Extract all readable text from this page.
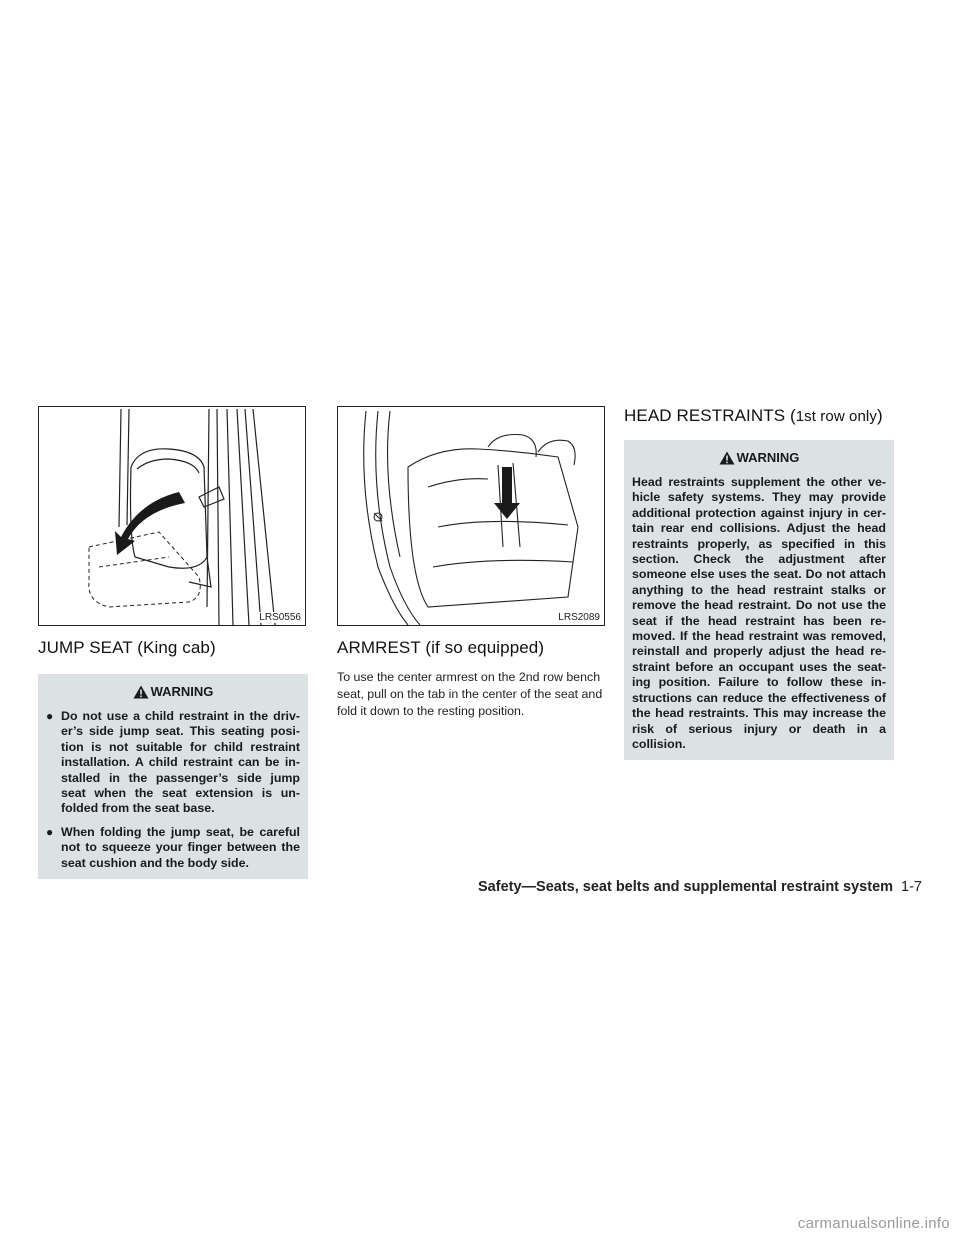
LRS0556
JUMP SEAT (King cab)
WARNING
● Do not use a child restraint in the driv-er’s side jump seat. This seating posi-tion is not suitable for child restraint installation. A child restraint can be in-stalled in the passenger’s side jump seat when the seat extension is un-folded from the seat base.
● When folding the jump seat, be careful not to squeeze your finger between the seat cushion and the body side.
LRS2089
ARMREST (if so equipped)

To use the center armrest on the 2nd row bench seat, pull on the tab in the center of the seat and fold it down to the resting position.

HEAD RESTRAINTS (1st row only)
WARNING

Head restraints supplement the other ve-hicle safety systems. They may provide additional protection against injury in cer-tain rear end collisions. Adjust the head restraints properly, as specified in this section. Check the adjustment after someone else uses the seat. Do not attach anything to the head restraint stalks or remove the head restraint. Do not use the seat if the head restraint has been re-moved. If the head restraint was removed, reinstall and properly adjust the head re-straint before an occupant uses the seat-ing position. Failure to follow these in-structions can reduce the effectiveness of the head restraints. This may increase the risk of serious injury or death in a collision.

Safety—Seats, seat belts and supplemental restraint system 1-7
carmanualsonline.info
